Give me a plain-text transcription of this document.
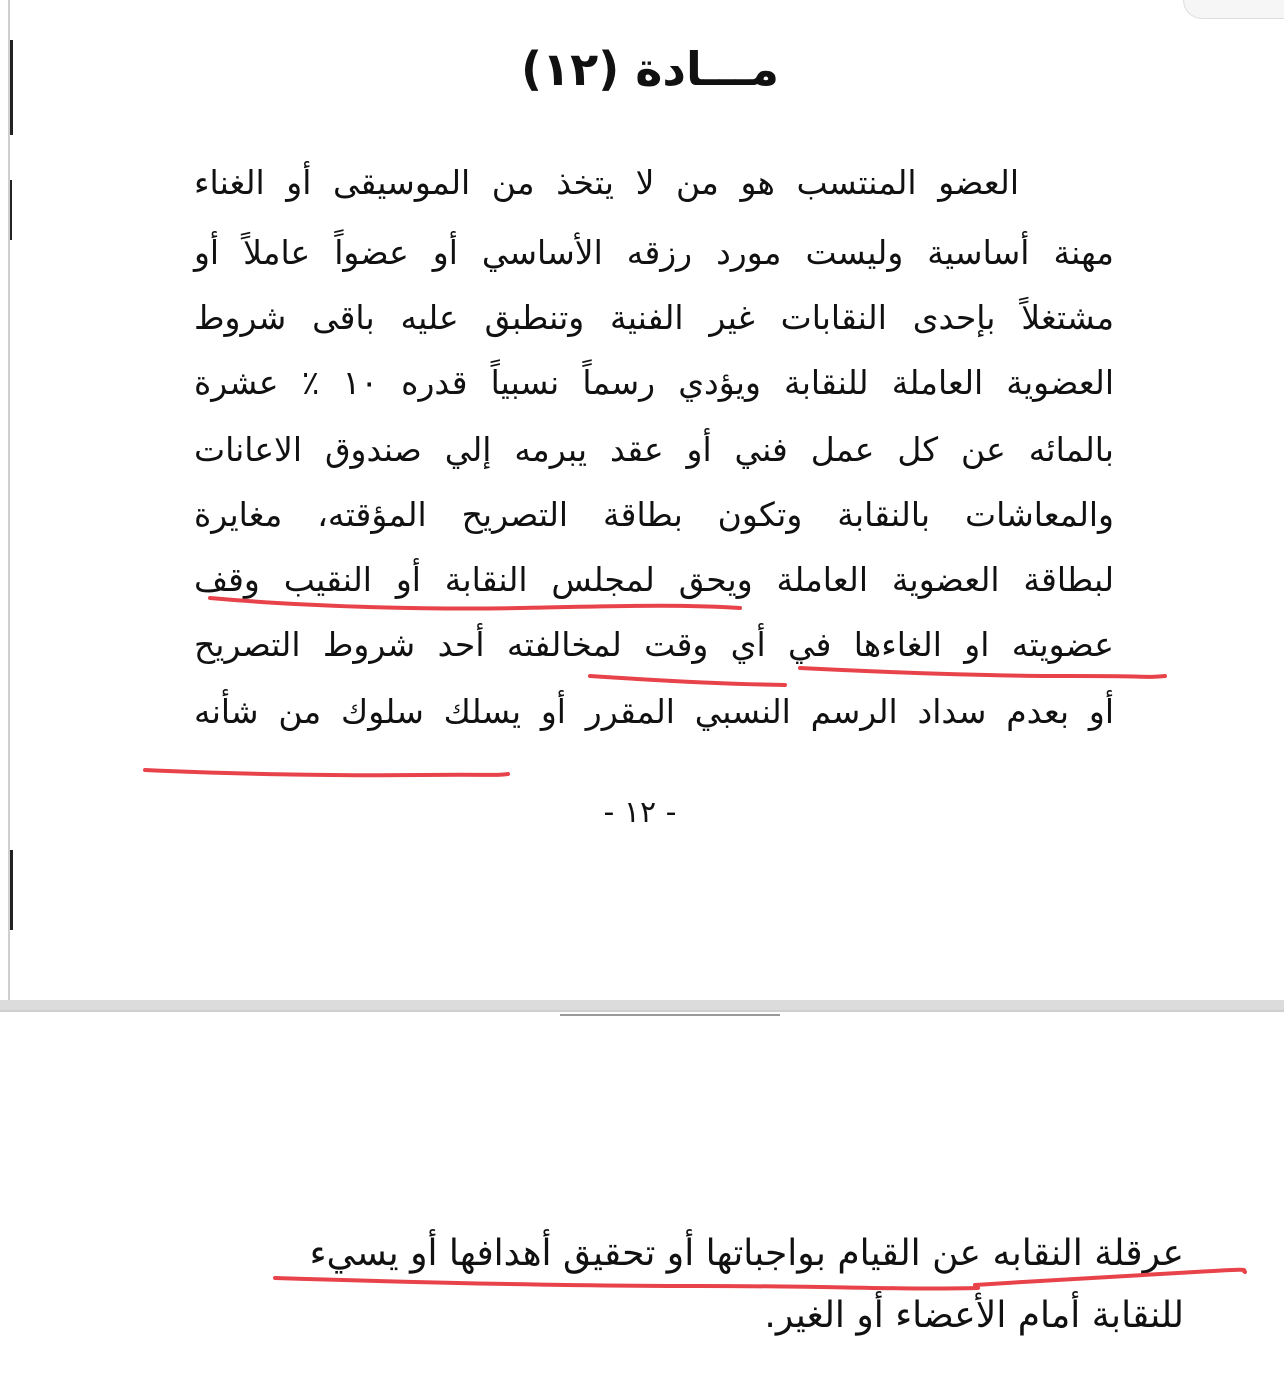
مـــادة (١٢)
العضو المنتسب هو من لا يتخذ من الموسيقى أو الغناء
مهنة أساسية وليست مورد رزقه الأساسي أو عضواً عاملاً أو
مشتغلاً بإحدى النقابات غير الفنية وتنطبق عليه باقى شروط
العضوية العاملة للنقابة ويؤدي رسماً نسبياً قدره ١٠ ٪ عشرة
بالمائه عن كل عمل فني أو عقد يبرمه إلي صندوق الاعانات
والمعاشات بالنقابة وتكون بطاقة التصريح المؤقته، مغايرة
لبطاقة العضوية العاملة ويحق لمجلس النقابة أو النقيب وقف
عضويته او الغاءها في أي وقت لمخالفته أحد شروط التصريح
أو بعدم سداد الرسم النسبي المقرر أو يسلك سلوك من شأنه
- ١٢ -
عرقلة النقابه عن القيام بواجباتها أو تحقيق أهدافها أو يسيء
للنقابة أمام الأعضاء أو الغير.
